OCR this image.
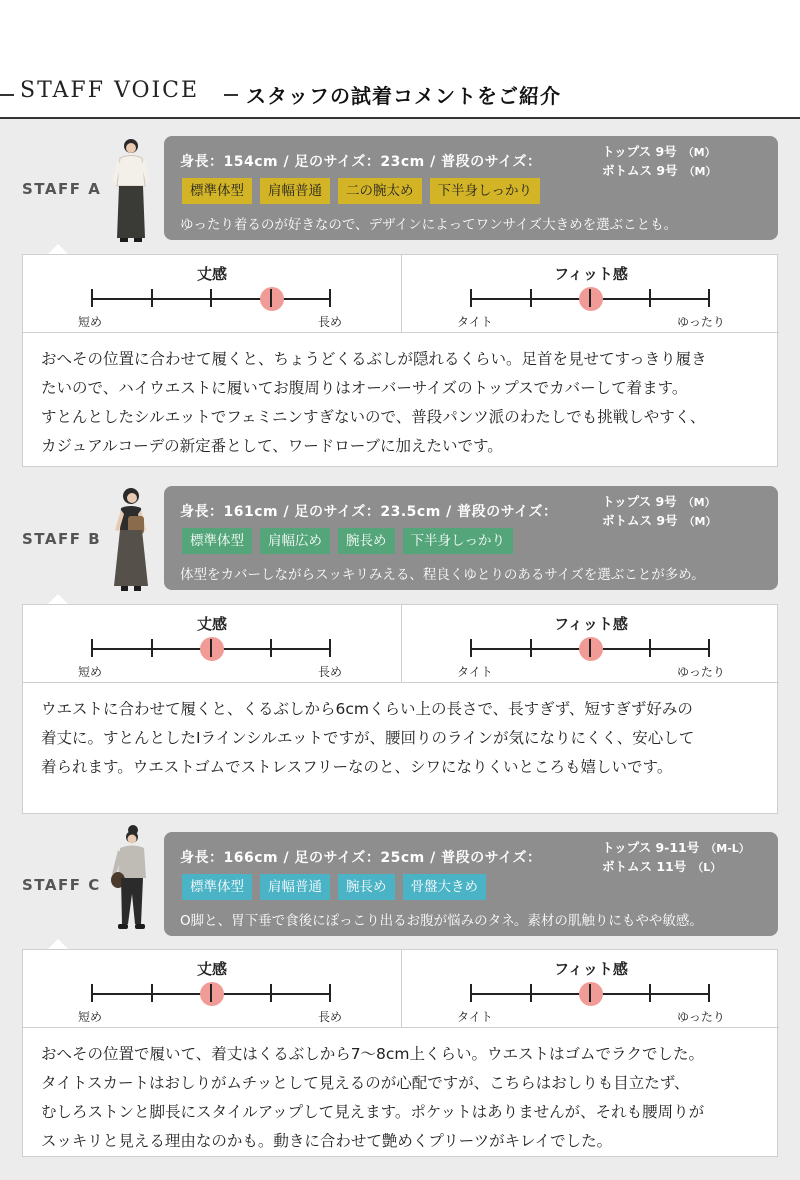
STAFF VOICE スタッフの試着コメントをご紹介
STAFF A
身長：154cm / 足のサイズ：23cm / 普段のサイズ：
トップス 9号 （M）
ボトムス 9号 （M）
標準体型	肩幅普通	二の腕太め	下半身しっかり
ゆったり着るのが好きなので、デザインによってワンサイズ大きめを選ぶことも。
丈感
短め	長め
フィット感
タイト	ゆったり

おへその位置に合わせて履くと、ちょうどくるぶしが隠れるくらい。足首を見せてすっきり履き

たいので、ハイウエストに履いてお腹周りはオーバーサイズのトップスでカバーして着ます。

すとんとしたシルエットでフェミニンすぎないので、普段パンツ派のわたしでも挑戦しやすく、

カジュアルコーデの新定番として、ワードローブに加えたいです。

STAFF B
身長：161cm / 足のサイズ：23.5cm / 普段のサイズ：
トップス 9号 （M）
ボトムス 9号 （M）
標準体型	肩幅広め	腕長め	下半身しっかり
体型をカバーしながらスッキリみえる、程良くゆとりのあるサイズを選ぶことが多め。
丈感
短め	長め
フィット感
タイト	ゆったり

ウエストに合わせて履くと、くるぶしから6cmくらい上の長さで、長すぎず、短すぎず好みの

着丈に。すとんとしたIラインシルエットですが、腰回りのラインが気になりにくく、安心して

着られます。ウエストゴムでストレスフリーなのと、シワになりくいところも嬉しいです。

STAFF C
身長：166cm / 足のサイズ：25cm / 普段のサイズ：
トップス 9-11号 （M-L）
ボトムス 11号 （L）
標準体型	肩幅普通	腕長め	骨盤大きめ
O脚と、胃下垂で食後にぽっこり出るお腹が悩みのタネ。素材の肌触りにもやや敏感。
丈感
短め	長め
フィット感
タイト	ゆったり

おへその位置で履いて、着丈はくるぶしから7〜8cm上くらい。ウエストはゴムでラクでした。

タイトスカートはおしりがムチッとして見えるのが心配ですが、こちらはおしりも目立たず、

むしろストンと脚長にスタイルアップして見えます。ポケットはありませんが、それも腰周りが

スッキリと見える理由なのかも。動きに合わせて艶めくプリーツがキレイでした。
